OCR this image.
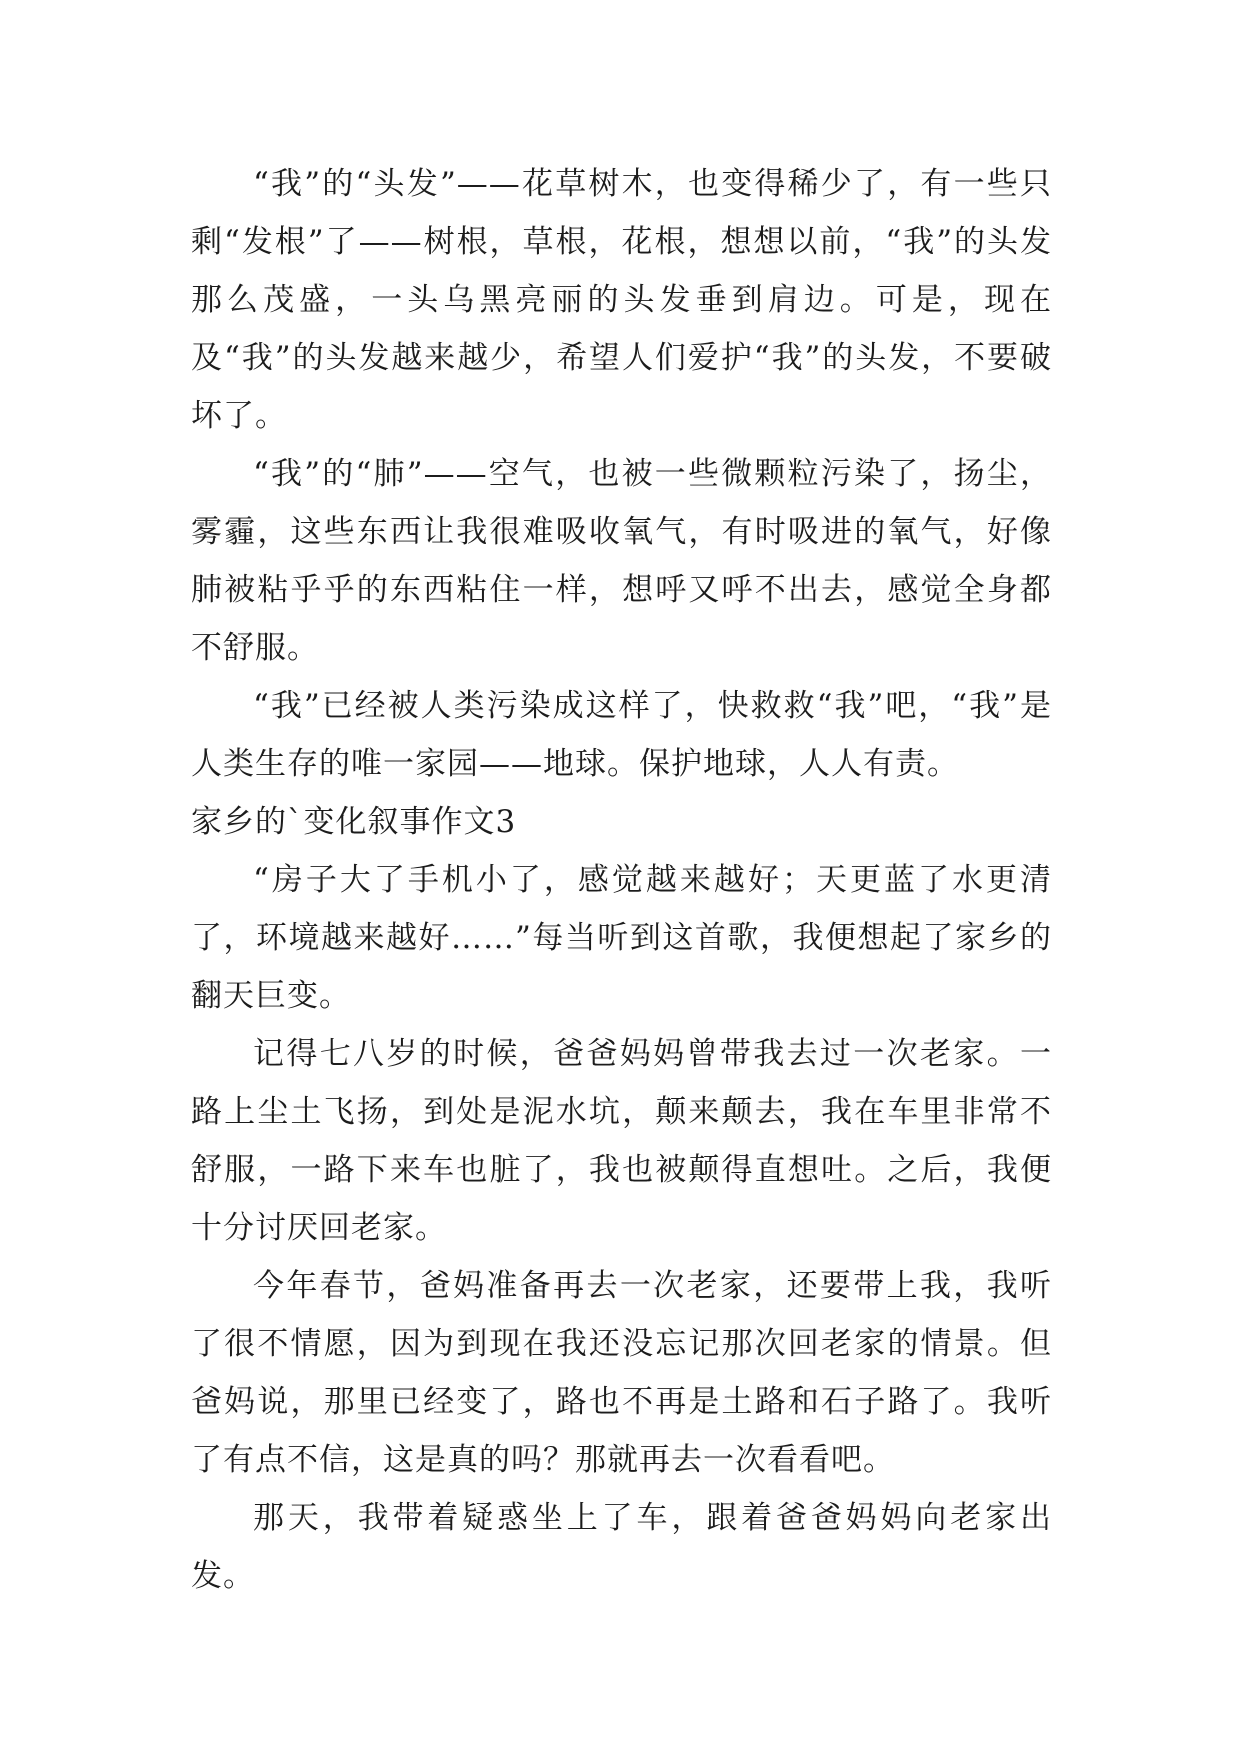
“我”的“头发”——花草树木，也变得稀少了，有一些只剩“发根”了——树根，草根，花根，想想以前，“我”的头发那么茂盛，一头乌黑亮丽的头发垂到肩边。可是，现在及“我”的头发越来越少，希望人们爱护“我”的头发，不要破坏了。

“我”的“肺”——空气，也被一些微颗粒污染了，扬尘，雾霾，这些东西让我很难吸收氧气，有时吸进的氧气，好像肺被粘乎乎的东西粘住一样，想呼又呼不出去，感觉全身都不舒服。

“我”已经被人类污染成这样了，快救救“我”吧，“我”是人类生存的唯一家园——地球。保护地球，人人有责。

家乡的`变化叙事作文3

“房子大了手机小了，感觉越来越好；天更蓝了水更清了，环境越来越好……”每当听到这首歌，我便想起了家乡的翻天巨变。

记得七八岁的时候，爸爸妈妈曾带我去过一次老家。一路上尘土飞扬，到处是泥水坑，颠来颠去，我在车里非常不舒服，一路下来车也脏了，我也被颠得直想吐。之后，我便十分讨厌回老家。

今年春节，爸妈准备再去一次老家，还要带上我，我听了很不情愿，因为到现在我还没忘记那次回老家的情景。但爸妈说，那里已经变了，路也不再是土路和石子路了。我听了有点不信，这是真的吗？那就再去一次看看吧。

那天，我带着疑惑坐上了车，跟着爸爸妈妈向老家出发。
